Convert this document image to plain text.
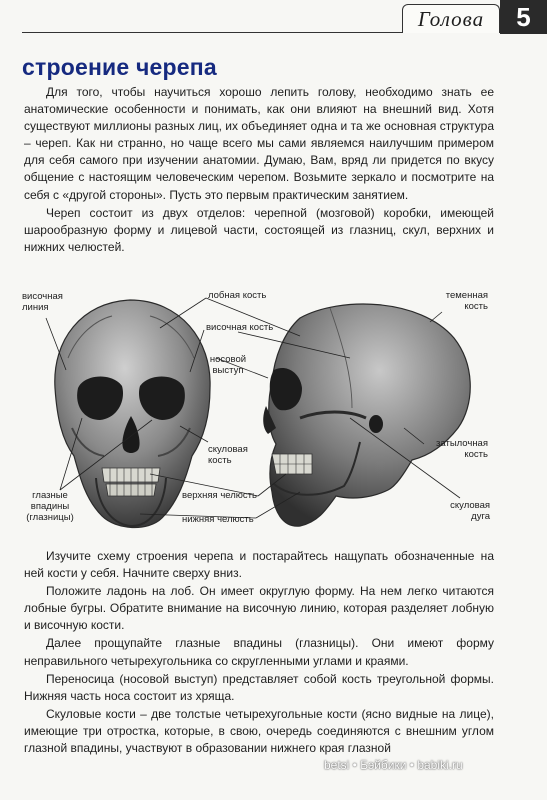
Голова	5
строение черепа

Для того, чтобы научиться хорошо лепить голову, необходимо знать ее анатомические особенности и понимать, как они влияют на внешний вид. Хотя существуют миллионы разных лиц, их объединяет одна и та же основная структура – череп. Как ни странно, но чаще всего мы сами являемся наилучшим примером для себя самого при изучении анатомии. Думаю, Вам, вряд ли придется по вкусу общение с настоящим человеческим черепом. Возьмите зеркало и посмотрите на себя с «другой стороны». Пусть это первым практическим занятием.

Череп состоит из двух отделов: черепной (мозговой) коробки, имеющей шарообразную форму и лицевой части, состоящей из глазниц, скул, верхних и нижних челюстей.

височная
линия
лобная кость
височная кость
носовой
выступ
теменная
кость
скуловая
кость
затылочная
кость
глазные
впадины
(глазницы)
верхняя челюсть
нижняя челюсть
скуловая
дуга

Изучите схему строения черепа и постарайтесь нащупать обозначенные на ней кости у себя. Начните сверху вниз.

Положите ладонь на лоб. Он имеет округлую форму. На нем легко читаются лобные бугры. Обратите внимание на височную линию, которая разделяет лобную и височную кости.

Далее прощупайте глазные впадины (глазницы). Они имеют форму неправильного четырехугольника со скругленными углами и краями.

Переносица (носовой выступ) представляет собой кость треугольной формы. Нижняя часть носа состоит из хряща.

Скуловые кости – две толстые четырехугольные кости (ясно видные на лице), имеющие три отростка, которые, в свою, очередь соединяются с внешним углом глазной впадины, участвуют в образовании нижнего края глазной

betsi • Бэйбики • babiki.ru
